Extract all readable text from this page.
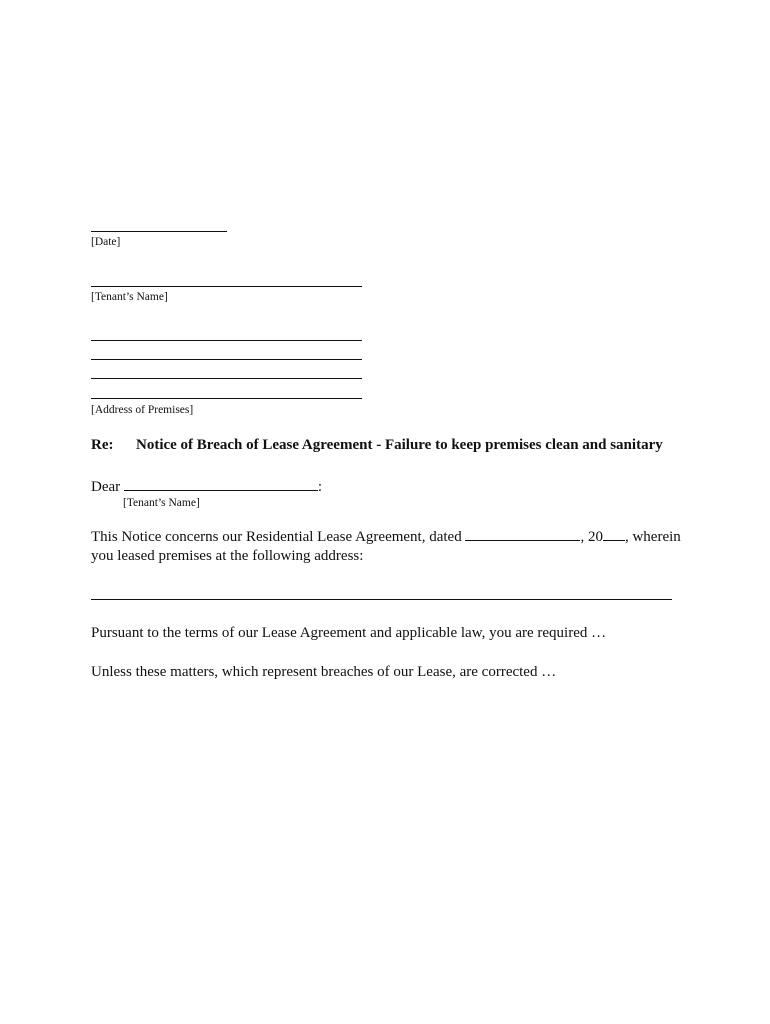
[Date]
[Tenant’s Name]
[Address of Premises]
Re: Notice of Breach of Lease Agreement - Failure to keep premises clean and sanitary
Dear	:
[Tenant’s Name]
This Notice concerns our Residential Lease Agreement, dated	, 20 , wherein
you leased premises at the following address:
Pursuant to the terms of our Lease Agreement and applicable law, you are required …
Unless these matters, which represent breaches of our Lease, are corrected …
